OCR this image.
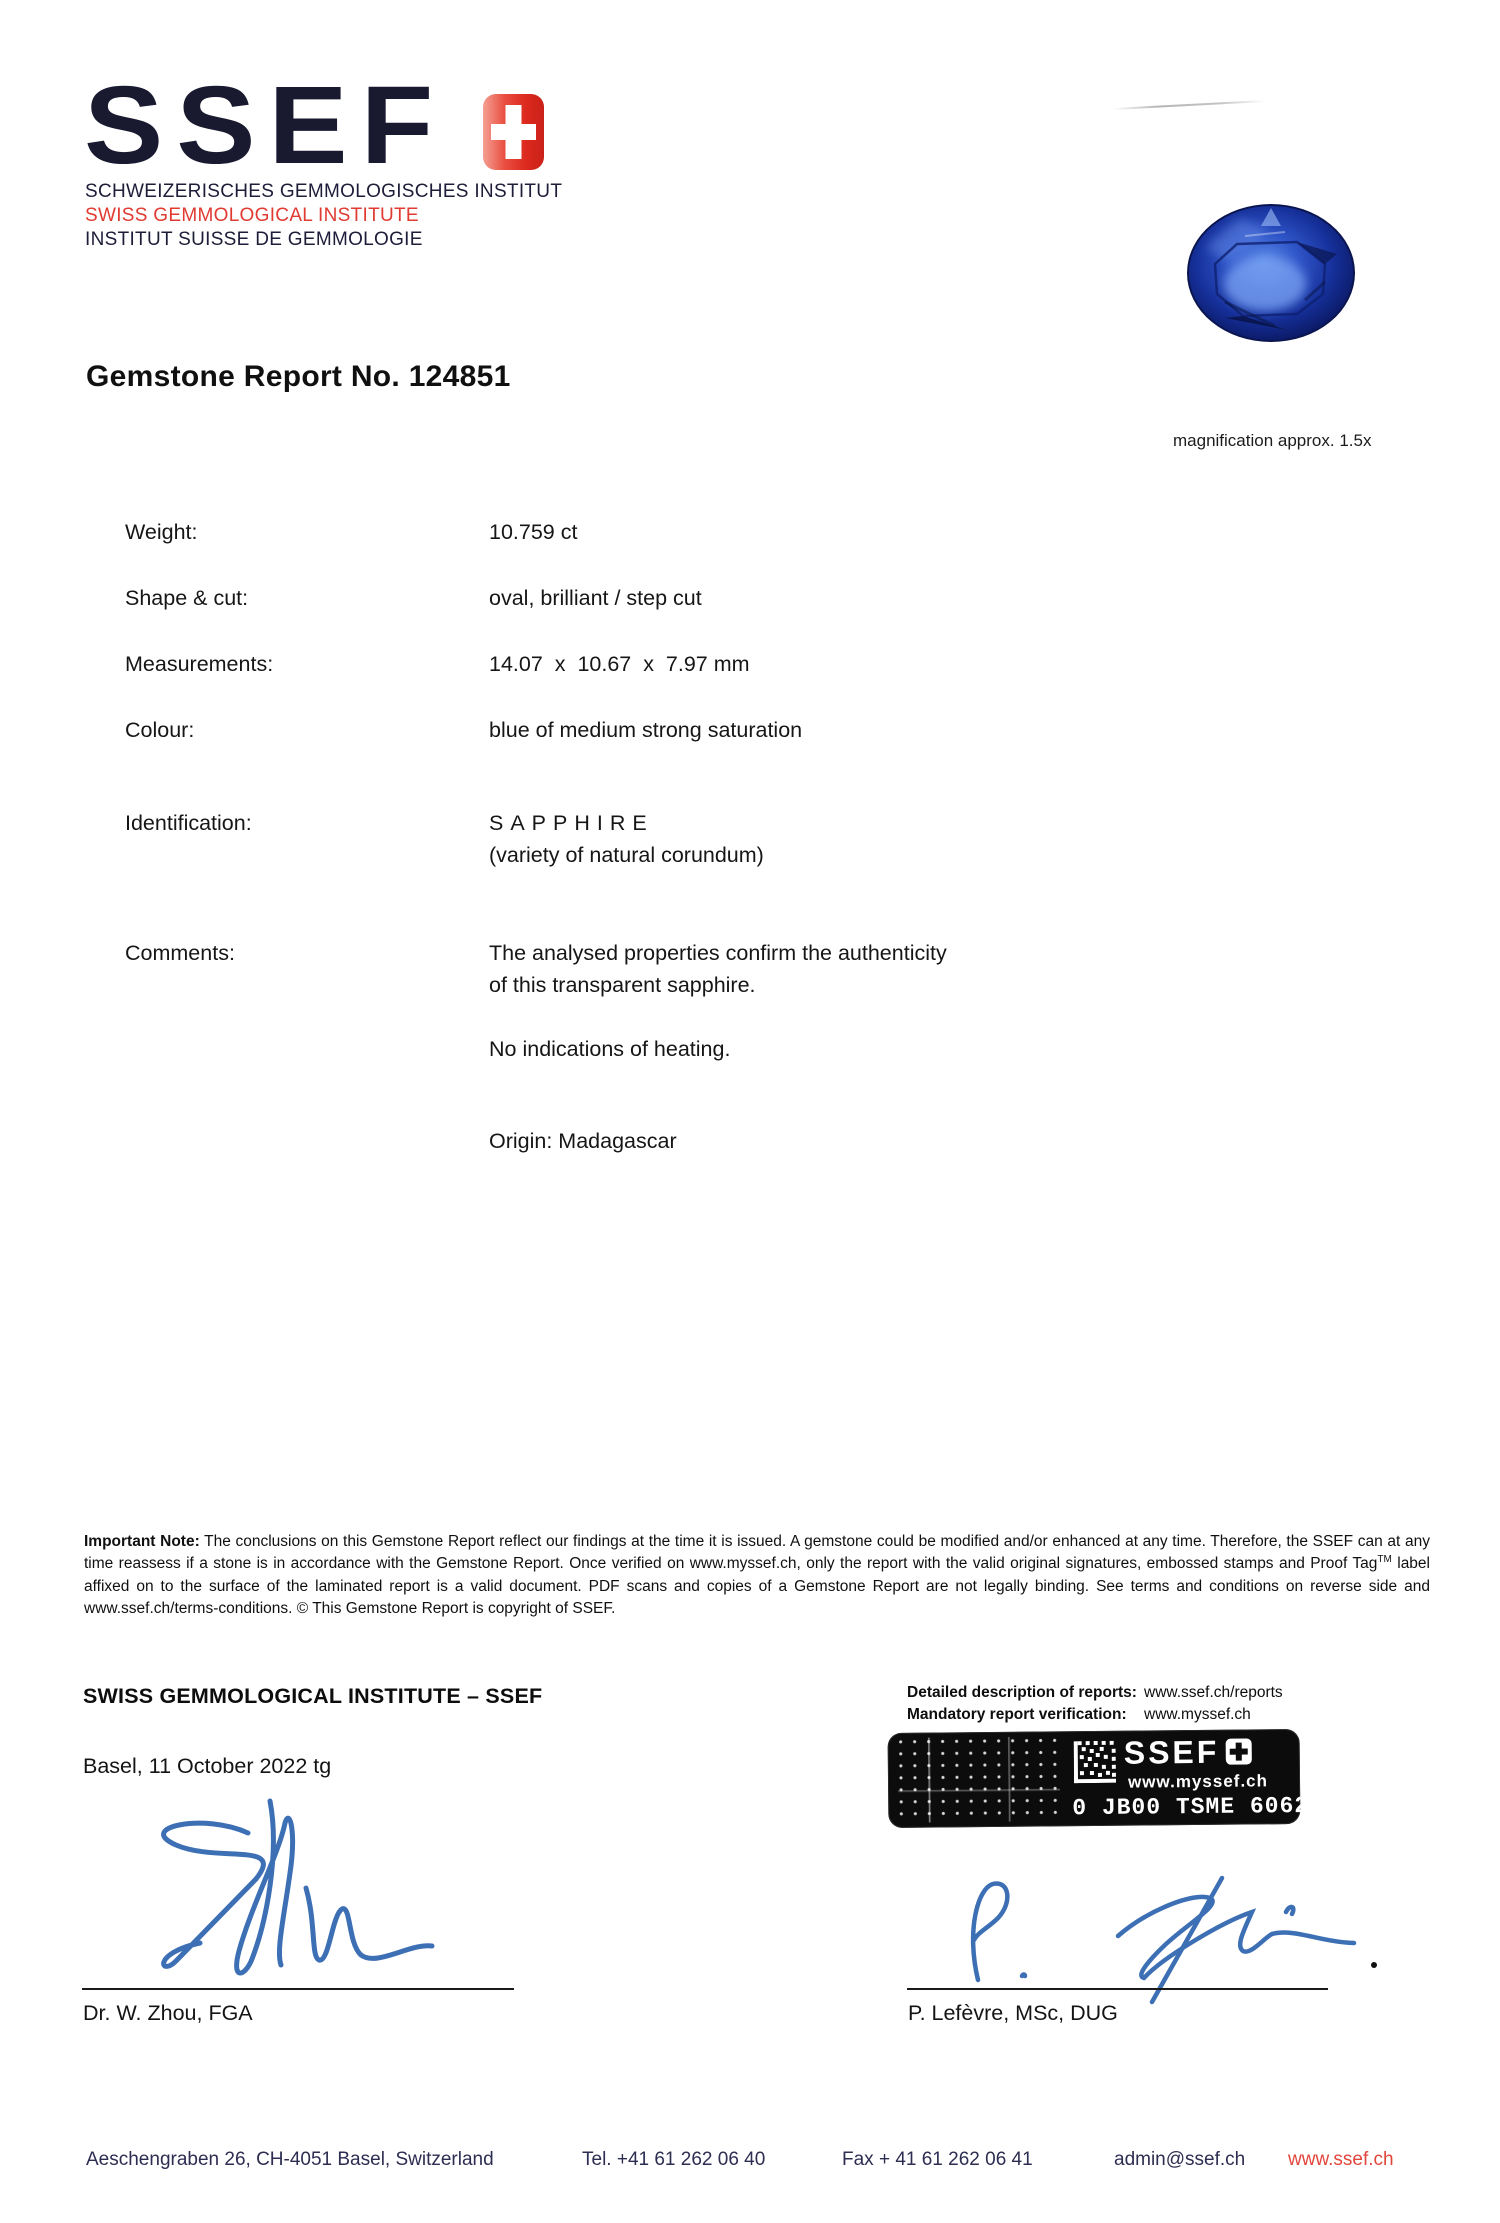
SSEF
SCHWEIZERISCHES GEMMOLOGISCHES INSTITUT
SWISS GEMMOLOGICAL INSTITUTE
INSTITUT SUISSE DE GEMMOLOGIE
magnification approx. 1.5x
Gemstone Report No. 124851
Weight:	10.759 ct
Shape & cut:	oval, brilliant / step cut
Measurements:	14.07  x  10.67  x  7.97 mm
Colour:	blue of medium strong saturation
Identification:	SAPPHIRE
(variety of natural corundum)
Comments:	The analysed properties confirm the authenticity
of this transparent sapphire.
No indications of heating.
Origin: Madagascar

Important Note: The conclusions on this Gemstone Report reflect our findings at the time it is issued. A gemstone could be modified and/or enhanced at any time. Therefore, the SSEF can at any time reassess if a stone is in accordance with the Gemstone Report. Once verified on www.myssef.ch, only the report with the valid original signatures, embossed stamps and Proof Tag™ label affixed on to the surface of the laminated report is a valid document. PDF scans and copies of a Gemstone Report are not legally binding. See terms and conditions on reverse side and www.ssef.ch/terms-conditions. © This Gemstone Report is copyright of SSEF.

SWISS GEMMOLOGICAL INSTITUTE – SSEF
Basel, 11 October 2022 tg
Detailed description of reports: www.ssef.ch/reports
Mandatory report verification:	www.myssef.ch
SSEF
www.myssef.ch
0 JB00 TSME 60622
Dr. W. Zhou, FGA	P. Lefèvre, MSc, DUG
Aeschengraben 26, CH-4051 Basel, Switzerland	Tel. +41 61 262 06 40	Fax + 41 61 262 06 41	admin@ssef.ch www.ssef.ch
